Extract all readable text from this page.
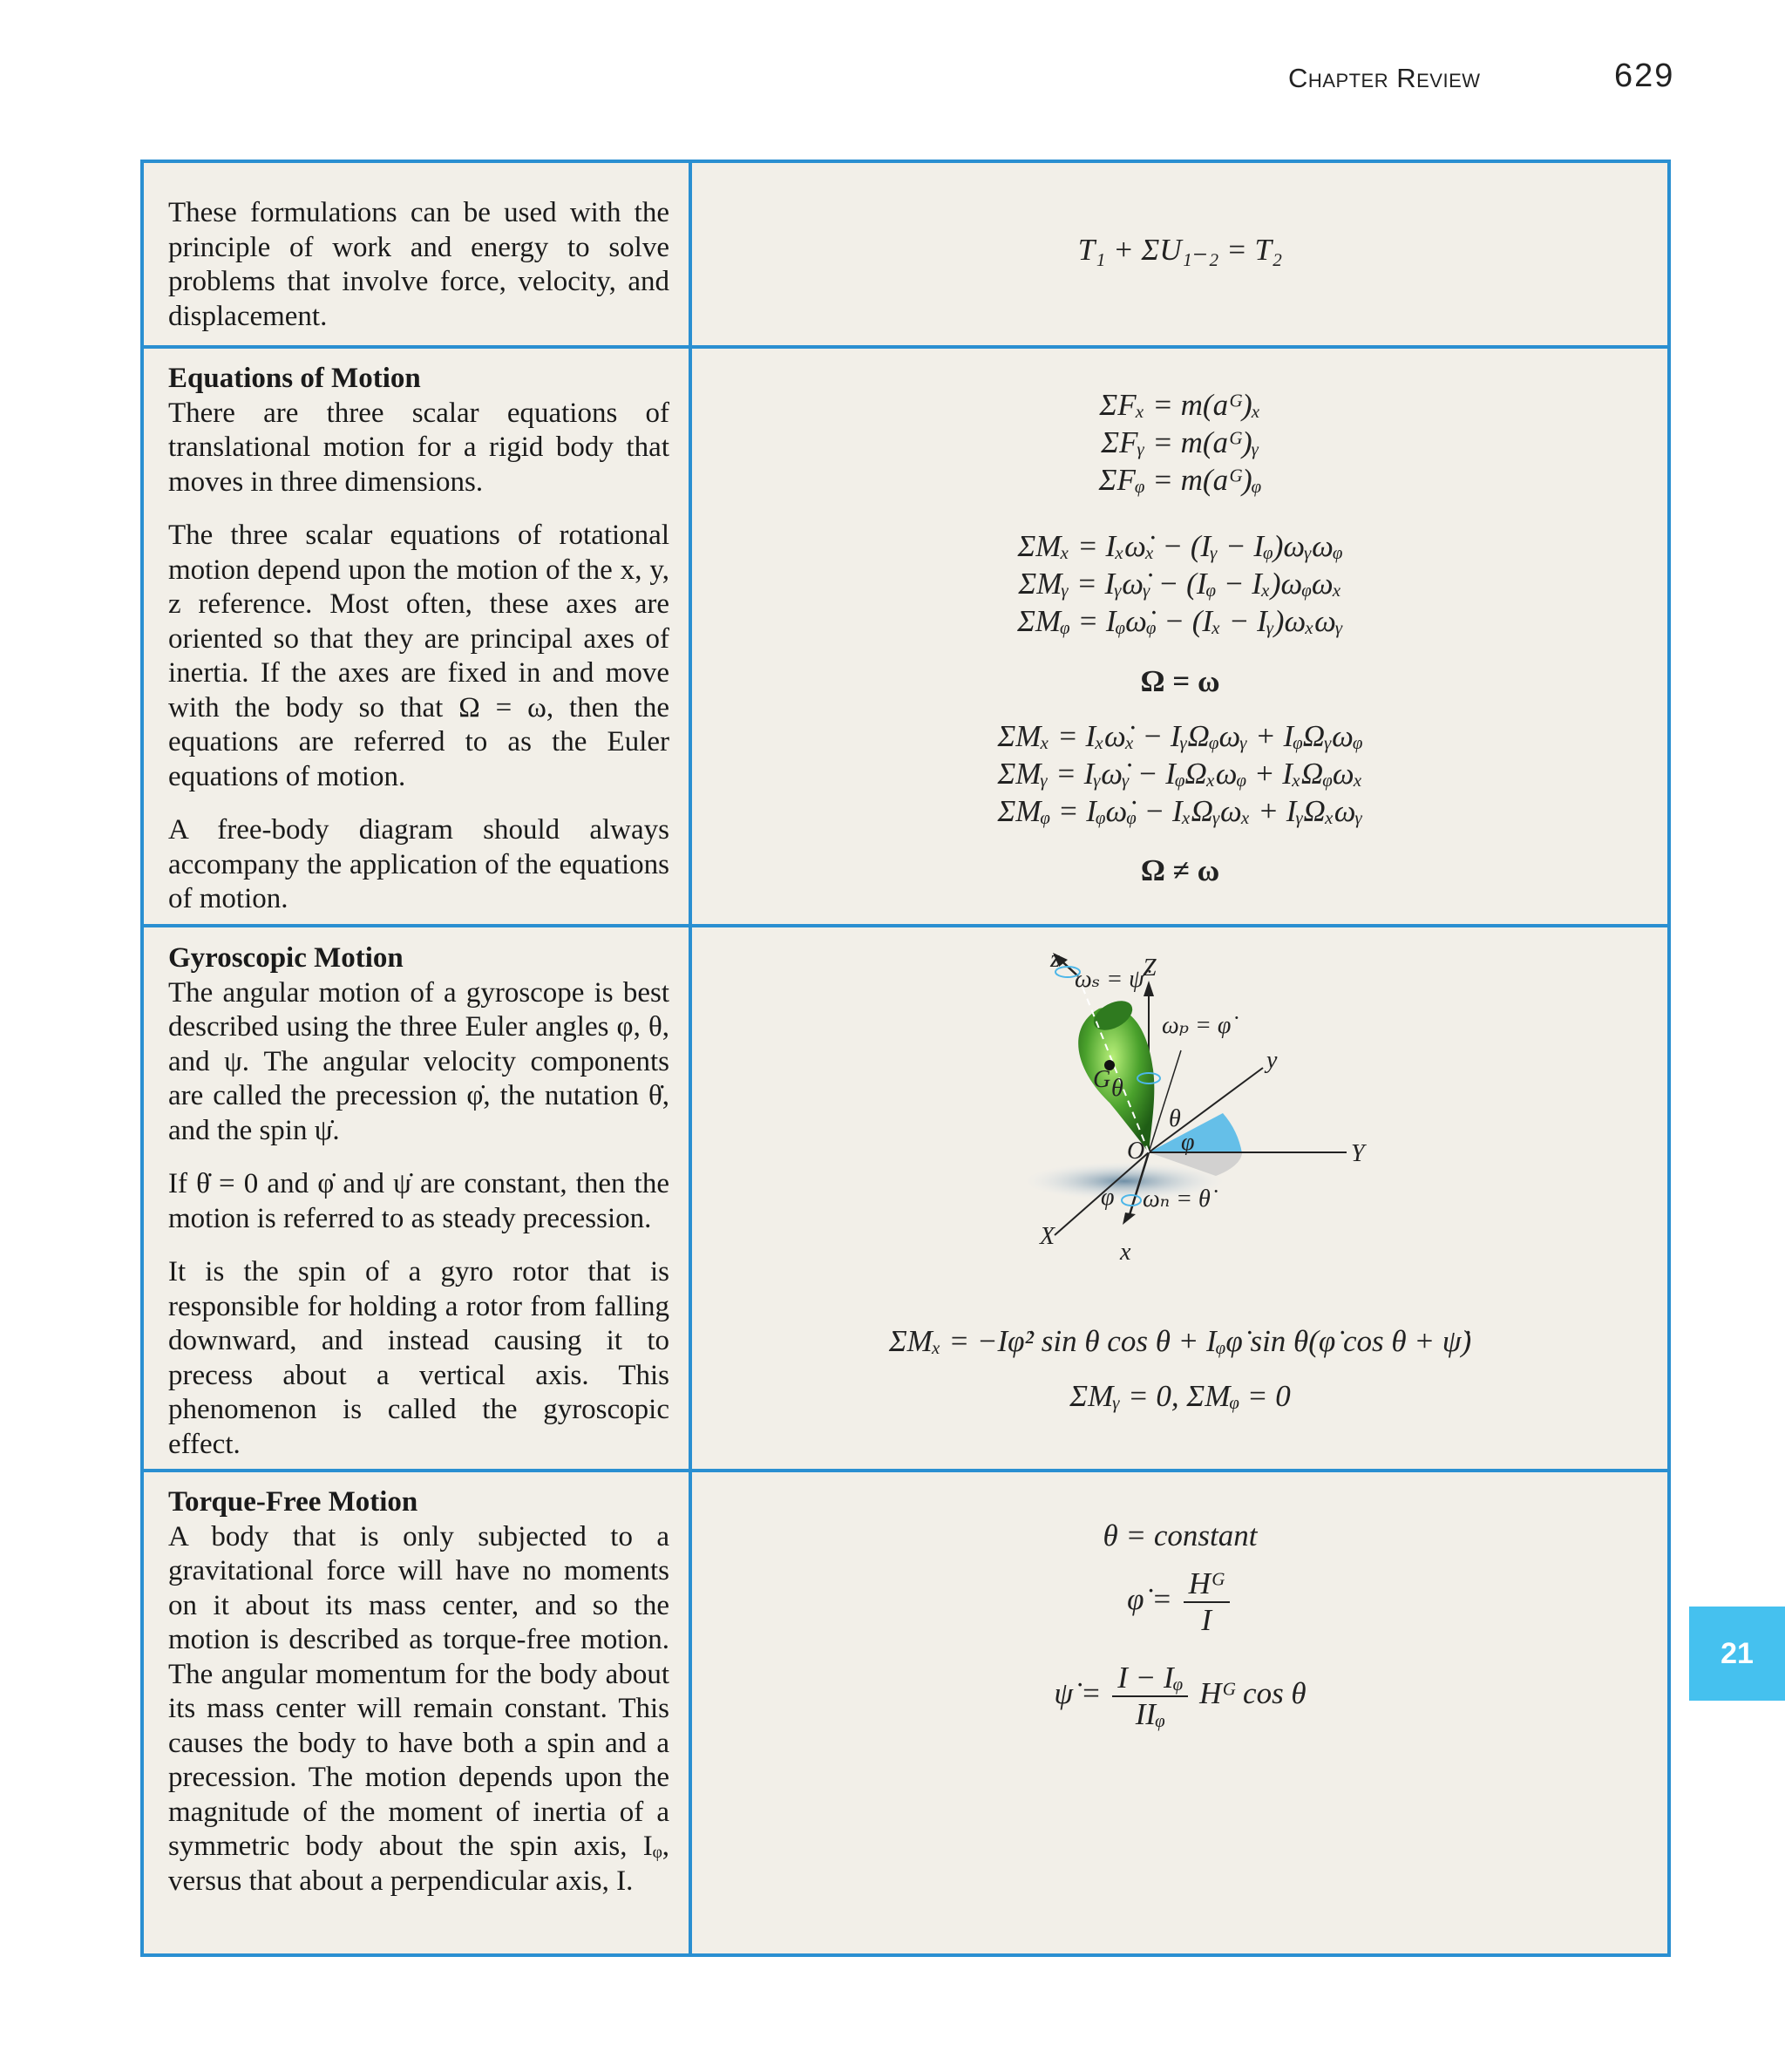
Chapter Review	629

These formulations can be used with the principle of work and energy to solve problems that involve force, velocity, and displacement.

T₁ + ΣU₁₋₂ = T₂

Equations of Motion
There are three scalar equations of translational motion for a rigid body that moves in three dimensions.

The three scalar equations of rotational motion depend upon the motion of the x, y, z reference. Most often, these axes are oriented so that they are principal axes of inertia. If the axes are fixed in and move with the body so that Ω = ω, then the equations are referred to as the Euler equations of motion.

A free-body diagram should always accompany the application of the equations of motion.

ΣFₓ = m(aᴳ)ₓ
ΣFᵧ = m(aᴳ)ᵧ
ΣFᵩ = m(aᴳ)ᵩ
ΣMₓ = Iₓω̇ₓ − (Iᵧ − Iᵩ)ωᵧωᵩ
ΣMᵧ = Iᵧω̇ᵧ − (Iᵩ − Iₓ)ωᵩωₓ
ΣMᵩ = Iᵩω̇ᵩ − (Iₓ − Iᵧ)ωₓωᵧ
Ω = ω
ΣMₓ = Iₓω̇ₓ − IᵧΩᵩωᵧ + IᵩΩᵧωᵩ
ΣMᵧ = Iᵧω̇ᵧ − IᵩΩₓωᵩ + IₓΩᵩωₓ
ΣMᵩ = Iᵩω̇ᵩ − IₓΩᵧωₓ + IᵧΩₓωᵧ
Ω ≠ ω

Gyroscopic Motion
The angular motion of a gyroscope is best described using the three Euler angles φ, θ, and ψ. The angular velocity components are called the precession φ̇, the nutation θ̇, and the spin ψ̇.

If θ̇ = 0 and φ̇ and ψ̇ are constant, then the motion is referred to as steady precession.

It is the spin of a gyro rotor that is responsible for holding a rotor from falling downward, and instead causing it to precess about a vertical axis. This phenomenon is called the gyroscopic effect.

θ
θ
φ
φ
z	Z
y
Y
X
x
G
O
ωₛ = ψ̇
ωₚ = φ̇
ωₙ = θ̇
ΣMₓ = −Iφ̇² sin θ cos θ + Iᵩφ̇ sin θ(φ̇ cos θ + ψ̇)
ΣMᵧ = 0, ΣMᵩ = 0

Torque-Free Motion
A body that is only subjected to a gravitational force will have no moments on it about its mass center, and so the motion is described as torque-free motion. The angular momentum for the body about its mass center will remain constant. This causes the body to have both a spin and a precession. The motion depends upon the magnitude of the moment of inertia of a symmetric body about the spin axis, Iᵩ, versus that about a perpendicular axis, I.

θ = constant
φ̇ = $\frac{\text{Hᴳ}}{I}$
ψ̇ = $\frac{\text{I − Iᵩ}}{\text{IIᵩ}}$ Hᴳ cos θ
21
